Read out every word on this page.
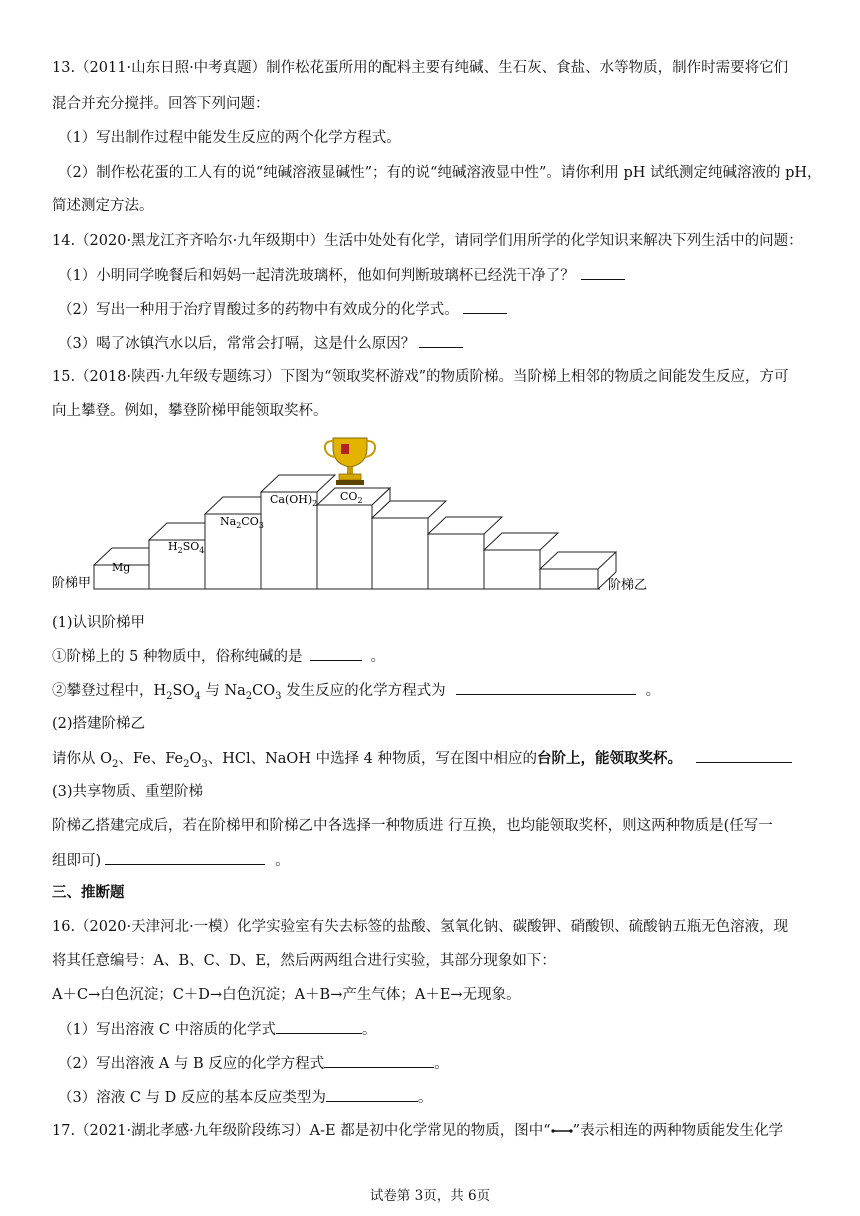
13.（2011·山东日照·中考真题）制作松花蛋所用的配料主要有纯碱、生石灰、食盐、水等物质，制作时需要将它们
混合并充分搅拌。回答下列问题：
（1）写出制作过程中能发生反应的两个化学方程式。
（2）制作松花蛋的工人有的说“纯碱溶液显碱性”；有的说“纯碱溶液显中性”。请你利用 pH 试纸测定纯碱溶液的 pH，
简述测定方法。
14.（2020·黑龙江齐齐哈尔·九年级期中）生活中处处有化学，请同学们用所学的化学知识来解决下列生活中的问题：
（1）小明同学晚餐后和妈妈一起清洗玻璃杯，他如何判断玻璃杯已经洗干净了？
（2）写出一种用于治疗胃酸过多的药物中有效成分的化学式。
（3）喝了冰镇汽水以后，常常会打嗝，这是什么原因？
15.（2018·陕西·九年级专题练习）下图为“领取奖杯游戏”的物质阶梯。当阶梯上相邻的物质之间能发生反应，方可
向上攀登。例如，攀登阶梯甲能领取奖杯。
Mg
$H_2SO_4$
$Na_2CO_3$
$Ca(OH)_2$
$CO_2$
阶梯甲	阶梯乙
(1)认识阶梯甲
①阶梯上的 5 种物质中，俗称纯碱的是	。
②攀登过程中，$H_2SO_4$ 与 $Na_2CO_3$ 发生反应的化学方程式为	。
(2)搭建阶梯乙
请你从 $O_2$、Fe、$Fe_2O_3$、HCl、NaOH 中选择 4 种物质，写在图中相应的台阶上，能领取奖杯。
(3)共享物质、重塑阶梯
阶梯乙搭建完成后，若在阶梯甲和阶梯乙中各选择一种物质进 行互换，也均能领取奖杯，则这两种物质是(任写一
组即可)	。
三、推断题
16.（2020·天津河北·一模）化学实验室有失去标签的盐酸、氢氧化钠、碳酸钾、硝酸钡、硫酸钠五瓶无色溶液，现
将其任意编号：A、B、C、D、E，然后两两组合进行实验，其部分现象如下：
A＋C→白色沉淀；C＋D→白色沉淀；A＋B→产生气体；A＋E→无现象。
（1）写出溶液 C 中溶质的化学式	。
（2）写出溶液 A 与 B 反应的化学方程式	。
（3）溶液 C 与 D 反应的基本反应类型为	。
17.（2021·湖北孝感·九年级阶段练习）A-E 都是初中化学常见的物质，图中“ ”表示相连的两种物质能发生化学
试卷第 3页，共 6页
